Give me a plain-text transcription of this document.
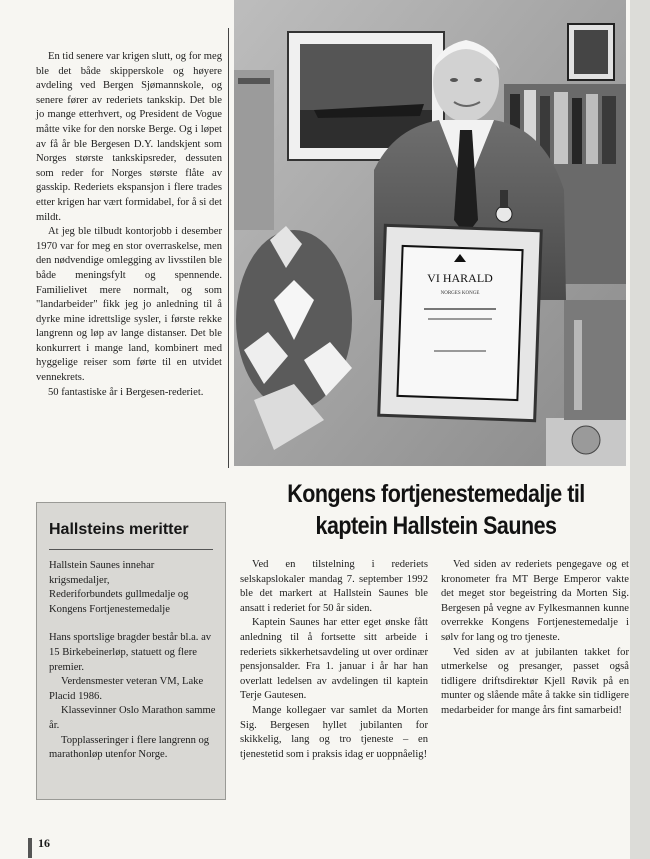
En tid senere var krigen slutt, og for meg ble det både skipperskole og høyere avdeling ved Bergen Sjømannskole, og senere fører av rederiets tankskip. Det ble jo mange etterhvert, og President de Vogue måtte vike for den norske Berge. Og i løpet av få år ble Bergesen D.Y. landskjent som Norges største tankskipsreder, dessuten som reder for Norges største flåte av gasskip. Rederiets ekspansjon i flere trades etter krigen har vært formidabel, for å si det mildt.

At jeg ble tilbudt kontorjobb i desember 1970 var for meg en stor overraskelse, men den nødvendige omlegging av livsstilen ble både meningsfylt og spennende. Familielivet mere normalt, og som "landarbeider" fikk jeg jo anledning til å dyrke mine idrettslige sysler, i første rekke langrenn og løp av lange distanser. Det ble konkurrert i mange land, kombinert med hyggelige reiser som førte til en utvidet vennekrets.

50 fantastiske år i Bergesen-rederiet.

VI HARALD
NORGES KONGE
Kongens fortjenestemedalje til
kaptein Hallstein Saunes
Hallsteins meritter

Hallstein Saunes innehar krigsmedaljer,

Rederiforbundets gullmedalje og Kongens Fortjenestemedalje

Hans sportslige bragder består bl.a. av 15 Birkebeinerløp, statuett og flere premier.

Verdensmester veteran VM, Lake Placid 1986.

Klassevinner Oslo Marathon samme år.

Topplasseringer i flere langrenn og marathonløp utenfor Norge.

Ved en tilstelning i rederiets selskapslokaler mandag 7. september 1992 ble det markert at Hallstein Saunes ble ansatt i rederiet for 50 år siden.

Kaptein Saunes har etter eget ønske fått anledning til å fortsette sitt arbeide i rederiets sikkerhetsavdeling ut over ordinær pensjonsalder. Fra 1. januar i år har han overlatt ledelsen av avdelingen til kaptein Terje Gautesen.

Mange kollegaer var samlet da Morten Sig. Bergesen hyllet jubilanten for skikkelig, lang og tro tjeneste – en tjenestetid som i praksis idag er uoppnåelig!

Ved siden av rederiets pengegave og et kronometer fra MT Berge Emperor vakte det meget stor begeistring da Morten Sig. Bergesen på vegne av Fylkesmannen kunne overrekke Kongens Fortjenestemedalje i sølv for lang og tro tjeneste.

Ved siden av at jubilanten takket for utmerkelse og presanger, passet også tidligere driftsdirektør Kjell Røvik på en munter og slående måte å takke sin tidligere medarbeider for mange års fint samarbeid!

16
